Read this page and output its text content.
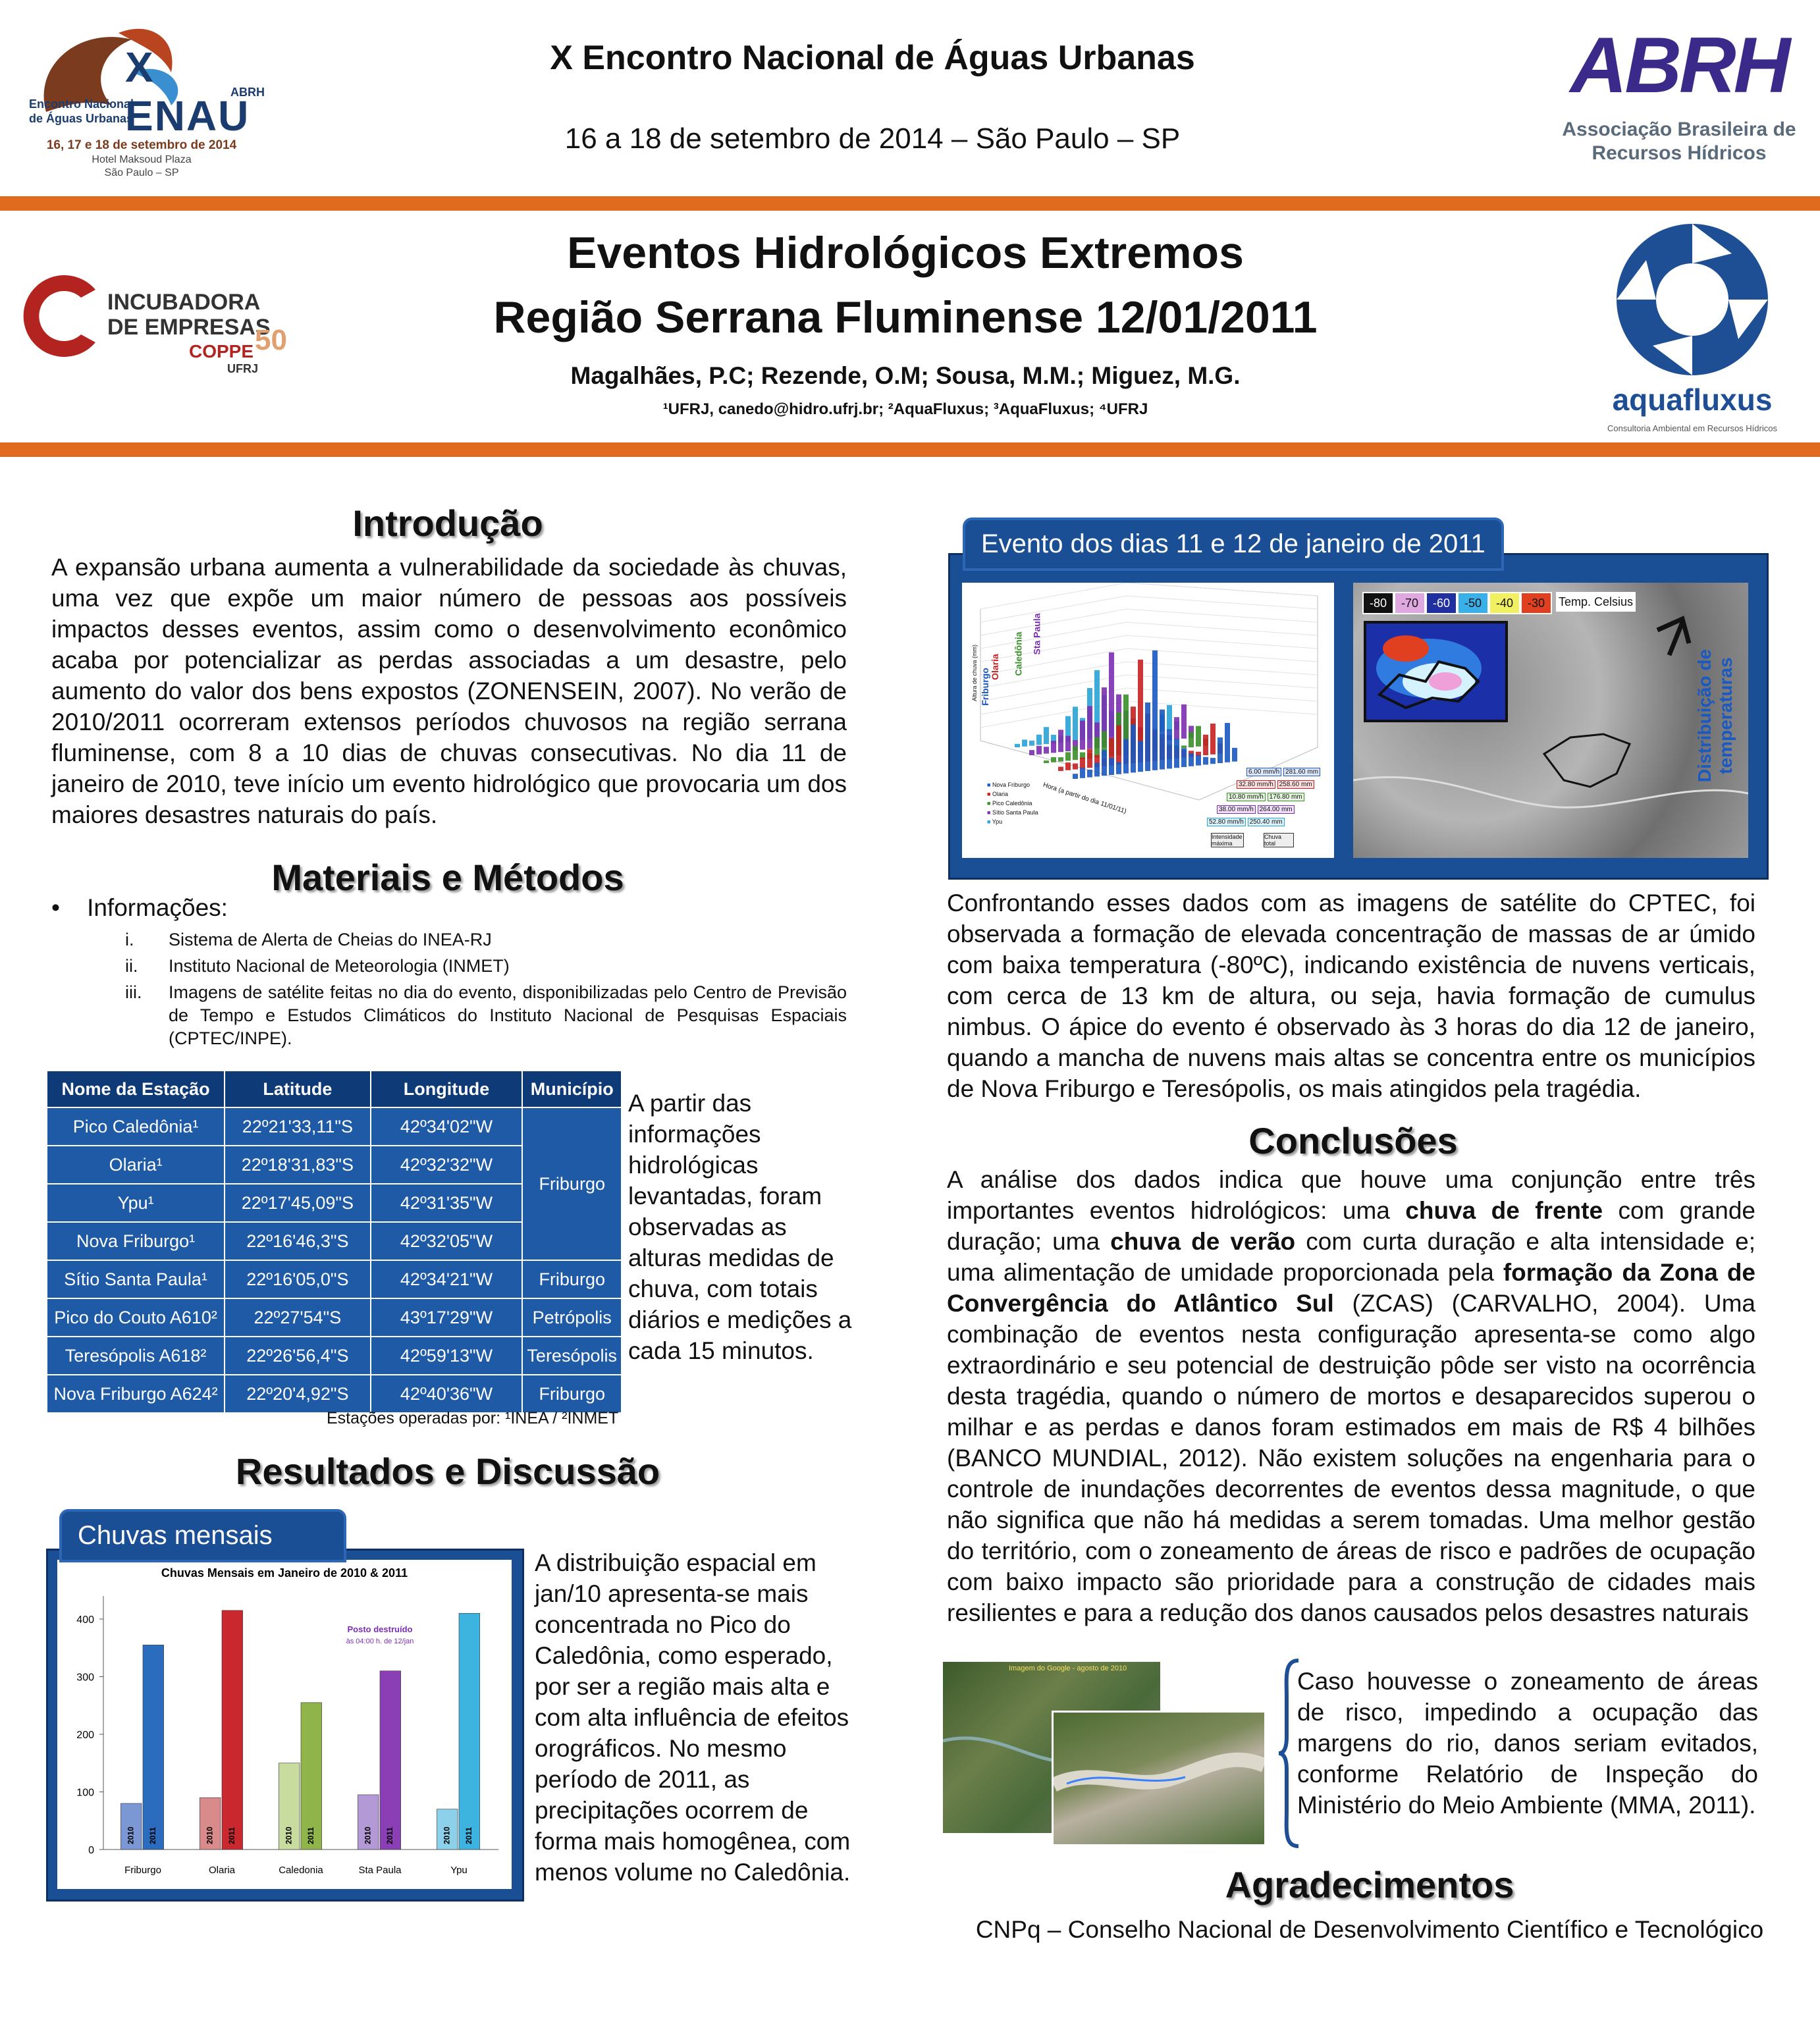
X ENAU
ABRH
Encontro Nacional
de Águas Urbanas
16, 17 e 18 de setembro de 2014
Hotel Maksoud Plaza
São Paulo – SP
X Encontro Nacional de Águas Urbanas
16 a 18 de setembro de 2014 – São Paulo – SP
ABRH
Associação Brasileira de
Recursos Hídricos
INCUBADORA
DE EMPRESAS
COPPE 50
UFRJ
Eventos Hidrológicos Extremos
Região Serrana Fluminense 12/01/2011
Magalhães, P.C; Rezende, O.M; Sousa, M.M.; Miguez, M.G.
¹UFRJ, canedo@hidro.ufrj.br; ²AquaFluxus; ³AquaFluxus; ⁴UFRJ	aquafluxus
Consultoria Ambiental em Recursos Hídricos
Introdução
A expansão urbana aumenta a vulnerabilidade da sociedade às chuvas, uma vez que expõe um maior número de pessoas aos possíveis impactos desses eventos, assim como o desenvolvimento econômico acaba por potencializar as perdas associadas a um desastre, pelo aumento do valor dos bens expostos (ZONENSEIN, 2007). No verão de 2010/2011 ocorreram extensos períodos chuvosos na região serrana fluminense, com 8 a 10 dias de chuvas consecutivas. No dia 11 de janeiro de 2010, teve início um evento hidrológico que provocaria um dos maiores desastres naturais do país.
Materiais e Métodos
•    Informações:
i. Sistema de Alerta de Cheias do INEA-RJ
ii. Instituto Nacional de Meteorologia (INMET)
iii. Imagens de satélite feitas no dia do evento, disponibilizadas pelo Centro de Previsão de Tempo e Estudos Climáticos do Instituto Nacional de Pesquisas Espaciais (CPTEC/INPE).
Nome da Estação	Latitude	Longitude	Município
Pico Caledônia¹	22º21'33,11"S	42º34'02"W	Friburgo
Olaria¹	22º18'31,83"S	42º32'32"W	
Ypu¹	22º17'45,09"S	42º31'35"W	
Nova Friburgo¹	22º16'46,3"S	42º32'05"W	
Sítio Santa Paula¹	22º16'05,0"S	42º34'21"W	Friburgo
Pico do Couto A610²	22º27'54"S	43º17'29"W	Petrópolis
Teresópolis A618²	22º26'56,4"S	42º59'13"W	Teresópolis
Nova Friburgo A624²	22º20'4,92"S	42º40'36"W	Friburgo
Estações operadas por: ¹INEA / ²INMET
A partir das informações hidrológicas levantadas, foram observadas as alturas medidas de chuva, com totais diários e medições a cada 15 minutos.
Resultados e Discussão
Chuvas mensais
Chuvas Mensais em Janeiro de 2010 & 2011
0
100
200
300
400
2010 2011
Friburgo
2010 2011
Olaria
2010 2011
Caledonia
2010 2011
Sta Paula
2010 2011
Ypu
Posto destruído
às 04:00 h. de 12/jan
A distribuição espacial em jan/10 apresenta-se mais concentrada no Pico do Caledônia, como esperado, por ser a região mais alta e com alta influência de efeitos orográficos. No mesmo período de 2011, as precipitações ocorrem de forma mais homogênea, com menos volume no Caledônia.
Evento dos dias 11 e 12 de janeiro de 2011
Altura de chuva (mm)
Hora (a partir do dia 11/01/11)
Friburgo
Olaria Caledônia Sta Paula
■ Nova Friburgo
■ Olaria
■ Pico Caledônia
■ Sítio Santa Paula
■ Ypu
6.00 mm/h 281.60 mm
32.80 mm/h 258.60 mm
10.80 mm/h 176.80 mm
38.00 mm/h 264.00 mm
52.80 mm/h 250.40 mm
Intensidade máxima
Chuva total
-80	-70	-60	-50	-40	-30	Temp. Celsius
Distribuição de temperaturas
Confrontando esses dados com as imagens de satélite do CPTEC, foi observada a formação de elevada concentração de massas de ar úmido com baixa temperatura (-80ºC), indicando existência de nuvens verticais, com cerca de 13 km de altura, ou seja, havia formação de cumulus nimbus. O ápice do evento é observado às 3 horas do dia 12 de janeiro, quando a mancha de nuvens mais altas se concentra entre os municípios de Nova Friburgo e Teresópolis, os mais atingidos pela tragédia.
Conclusões
A análise dos dados indica que houve uma conjunção entre três importantes eventos hidrológicos: uma chuva de frente com grande duração; uma chuva de verão com curta duração e alta intensidade e; uma alimentação de umidade proporcionada pela formação da Zona de Convergência do Atlântico Sul (ZCAS) (CARVALHO, 2004). Uma combinação de eventos nesta configuração apresenta-se como algo extraordinário e seu potencial de destruição pôde ser visto na ocorrência desta tragédia, quando o número de mortos e desaparecidos superou o milhar e as perdas e danos foram estimados em mais de R$ 4 bilhões (BANCO MUNDIAL, 2012). Não existem soluções na engenharia para o controle de inundações decorrentes de eventos dessa magnitude, o que não significa que não há medidas a serem tomadas. Uma melhor gestão do território, com o zoneamento de áreas de risco e padrões de ocupação com baixo impacto são prioridade para a construção de cidades mais resilientes e para a redução dos danos causados pelos desastres naturais
Imagem do Google - agosto de 2010	Caso houvesse o zoneamento de áreas de risco, impedindo a ocupação das margens do rio, danos seriam evitados, conforme Relatório de Inspeção do Ministério do Meio Ambiente (MMA, 2011).
Agradecimentos
CNPq – Conselho Nacional de Desenvolvimento Científico e Tecnológico
